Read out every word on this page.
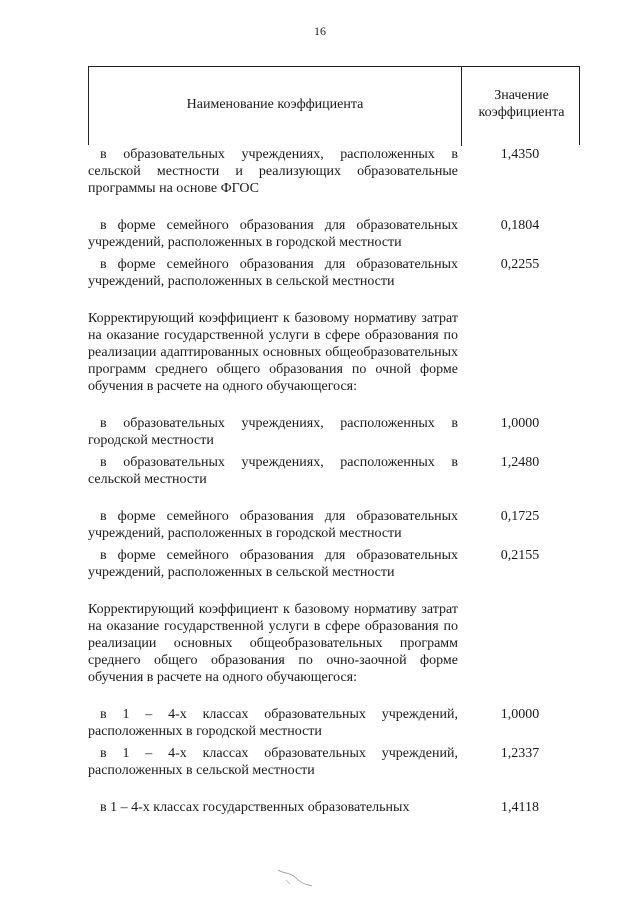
16
Наименование коэффициента
Значение коэффициента
в образовательных учреждениях, расположенных в сельской местности и реализующих образовательные программы на основе ФГОС
1,4350
в форме семейного образования для образовательных учреждений, расположенных в городской местности
0,1804
в форме семейного образования для образовательных учреждений, расположенных в сельской местности
0,2255
Корректирующий коэффициент к базовому нормативу затрат на оказание государственной услуги в сфере образования по реализации адаптированных основных общеобразовательных программ среднего общего образования по очной форме обучения в расчете на одного обучающегося:
в образовательных учреждениях, расположенных в городской местности
1,0000
в образовательных учреждениях, расположенных в сельской местности
1,2480
в форме семейного образования для образовательных учреждений, расположенных в городской местности
0,1725
в форме семейного образования для образовательных учреждений, расположенных в сельской местности
0,2155
Корректирующий коэффициент к базовому нормативу затрат на оказание государственной услуги в сфере образования по реализации основных общеобразовательных программ среднего общего образования по очно-заочной форме обучения в расчете на одного обучающегося:
в 1 – 4-х классах образовательных учреждений, расположенных в городской местности
1,0000
в 1 – 4-х классах образовательных учреждений, расположенных в сельской местности
1,2337
в 1 – 4-х классах государственных образовательных	1,4118
